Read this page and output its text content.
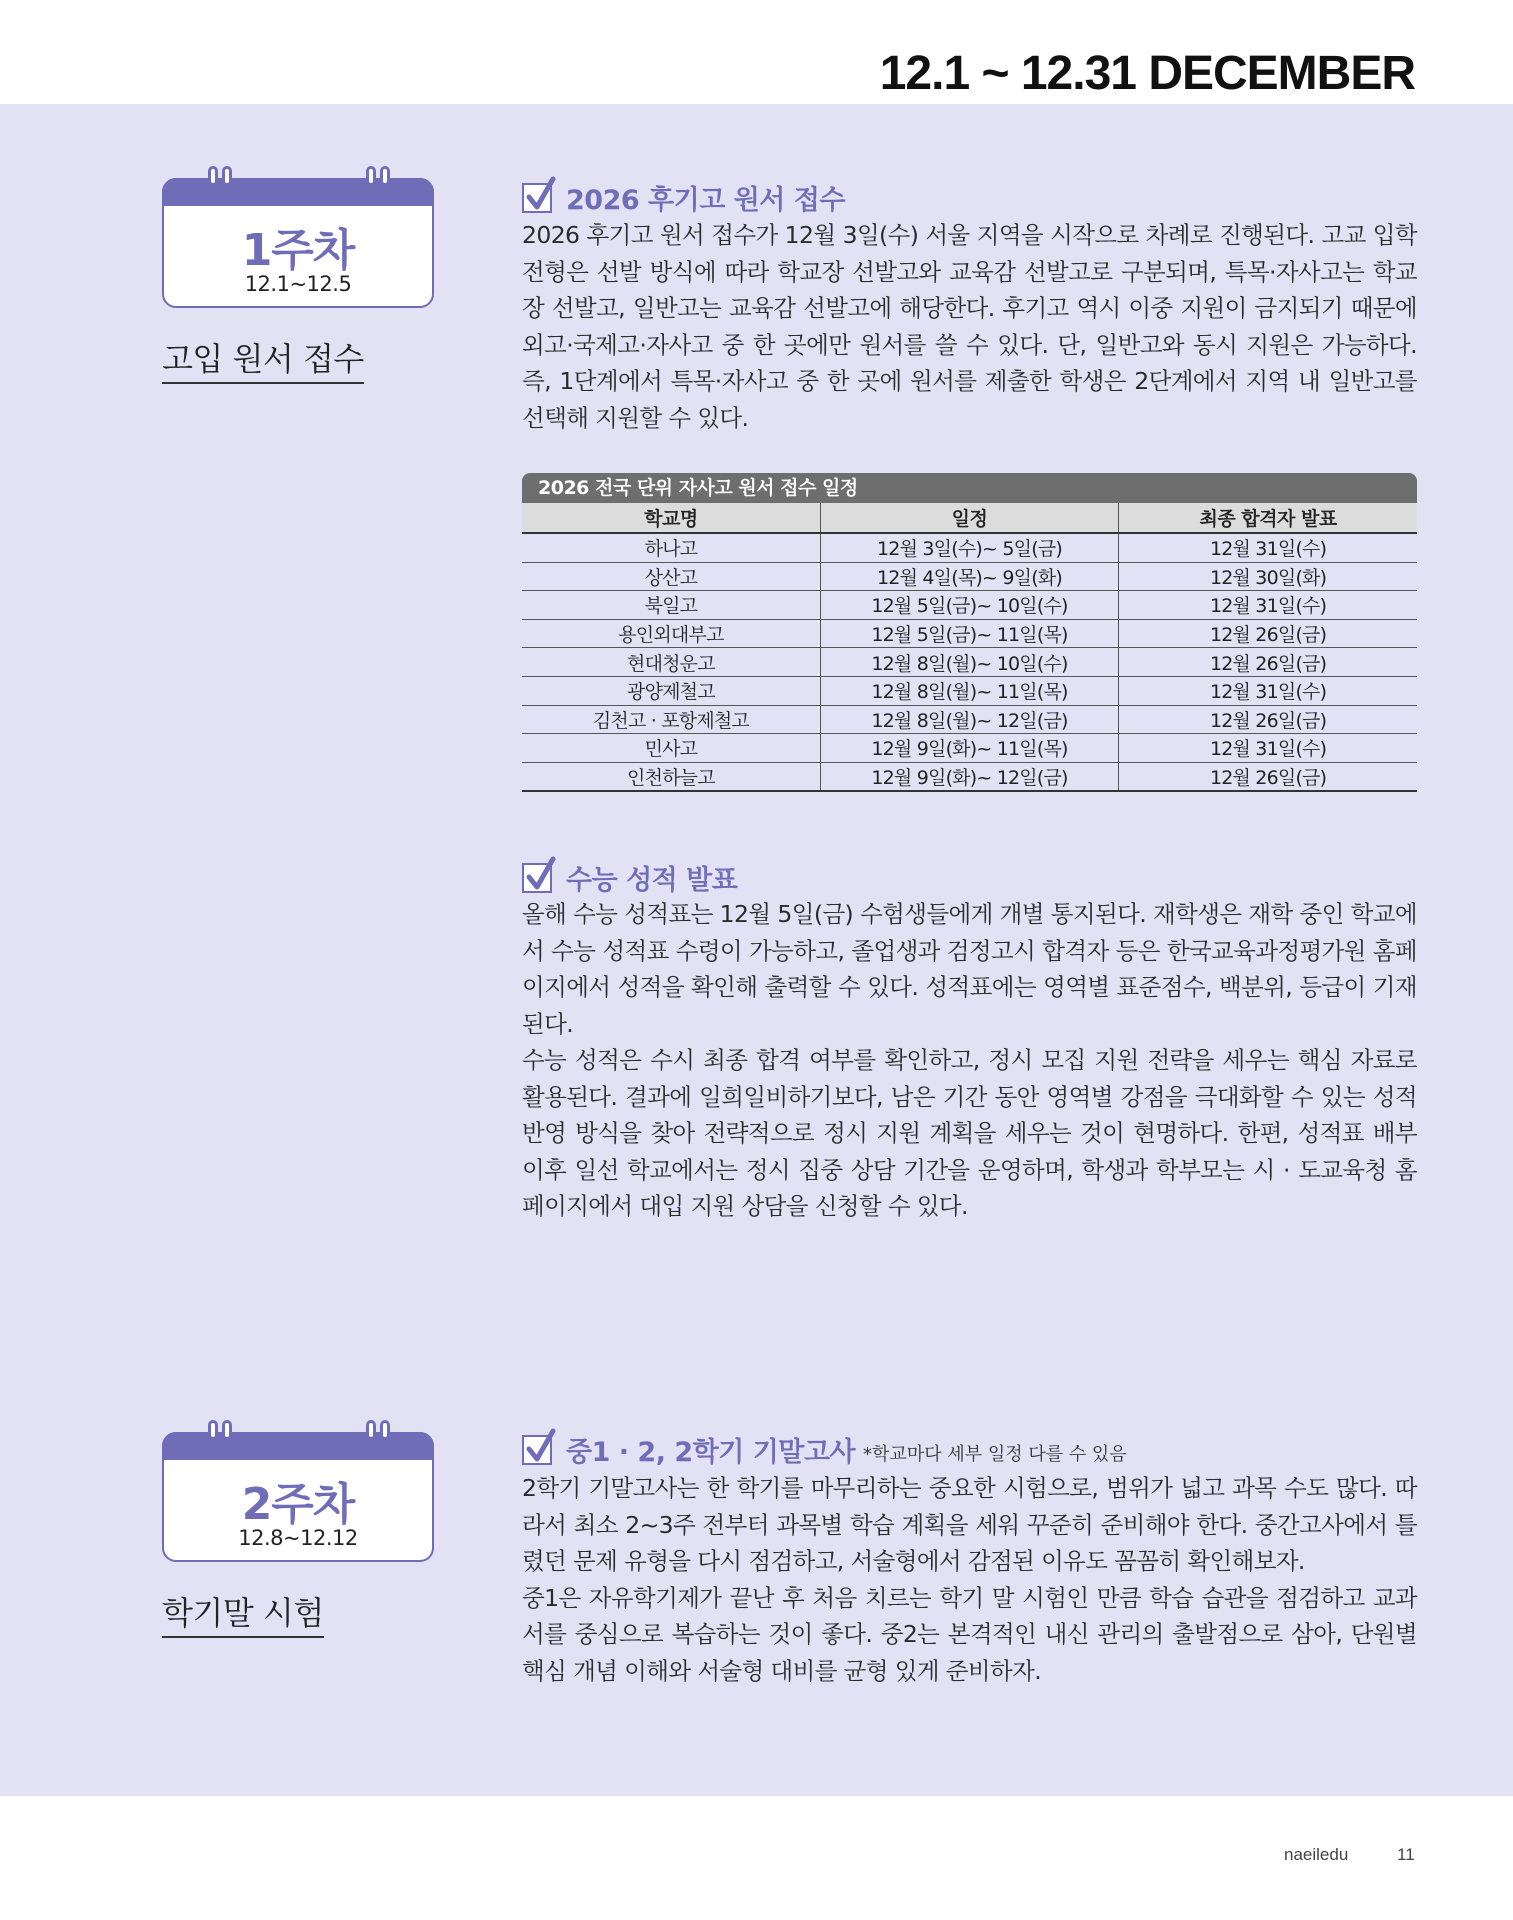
12.1 ~ 12.31 DECEMBER
1주차
12.1~12.5
고입 원서 접수
2026 후기고 원서 접수

2026 후기고 원서 접수가 12월 3일(수) 서울 지역을 시작으로 차례로 진행된다. 고교 입학 전형은 선발 방식에 따라 학교장 선발고와 교육감 선발고로 구분되며, 특목·자사고는 학교장 선발고, 일반고는 교육감 선발고에 해당한다. 후기고 역시 이중 지원이 금지되기 때문에 외고·국제고·자사고 중 한 곳에만 원서를 쓸 수 있다. 단, 일반고와 동시 지원은 가능하다. 즉, 1단계에서 특목·자사고 중 한 곳에 원서를 제출한 학생은 2단계에서 지역 내 일반고를 선택해 지원할 수 있다.

2026 전국 단위 자사고 원서 접수 일정
학교명	일정	최종 합격자 발표
하나고	12월 3일(수)~ 5일(금)	12월 31일(수)
상산고	12월 4일(목)~ 9일(화)	12월 30일(화)
북일고	12월 5일(금)~ 10일(수)	12월 31일(수)
용인외대부고	12월 5일(금)~ 11일(목)	12월 26일(금)
현대청운고	12월 8일(월)~ 10일(수)	12월 26일(금)
광양제철고	12월 8일(월)~ 11일(목)	12월 31일(수)
김천고 · 포항제철고	12월 8일(월)~ 12일(금)	12월 26일(금)
민사고	12월 9일(화)~ 11일(목)	12월 31일(수)
인천하늘고	12월 9일(화)~ 12일(금)	12월 26일(금)
수능 성적 발표

올해 수능 성적표는 12월 5일(금) 수험생들에게 개별 통지된다. 재학생은 재학 중인 학교에서 수능 성적표 수령이 가능하고, 졸업생과 검정고시 합격자 등은 한국교육과정평가원 홈페이지에서 성적을 확인해 출력할 수 있다. 성적표에는 영역별 표준점수, 백분위, 등급이 기재된다.

수능 성적은 수시 최종 합격 여부를 확인하고, 정시 모집 지원 전략을 세우는 핵심 자료로 활용된다. 결과에 일희일비하기보다, 남은 기간 동안 영역별 강점을 극대화할 수 있는 성적 반영 방식을 찾아 전략적으로 정시 지원 계획을 세우는 것이 현명하다. 한편, 성적표 배부 이후 일선 학교에서는 정시 집중 상담 기간을 운영하며, 학생과 학부모는 시 · 도교육청 홈페이지에서 대입 지원 상담을 신청할 수 있다.

2주차
12.8~12.12
학기말 시험
중1 · 2, 2학기 기말고사 *학교마다 세부 일정 다를 수 있음

2학기 기말고사는 한 학기를 마무리하는 중요한 시험으로, 범위가 넓고 과목 수도 많다. 따라서 최소 2~3주 전부터 과목별 학습 계획을 세워 꾸준히 준비해야 한다. 중간고사에서 틀렸던 문제 유형을 다시 점검하고, 서술형에서 감점된 이유도 꼼꼼히 확인해보자.

중1은 자유학기제가 끝난 후 처음 치르는 학기 말 시험인 만큼 학습 습관을 점검하고 교과서를 중심으로 복습하는 것이 좋다. 중2는 본격적인 내신 관리의 출발점으로 삼아, 단원별 핵심 개념 이해와 서술형 대비를 균형 있게 준비하자.

naeiledu	11
